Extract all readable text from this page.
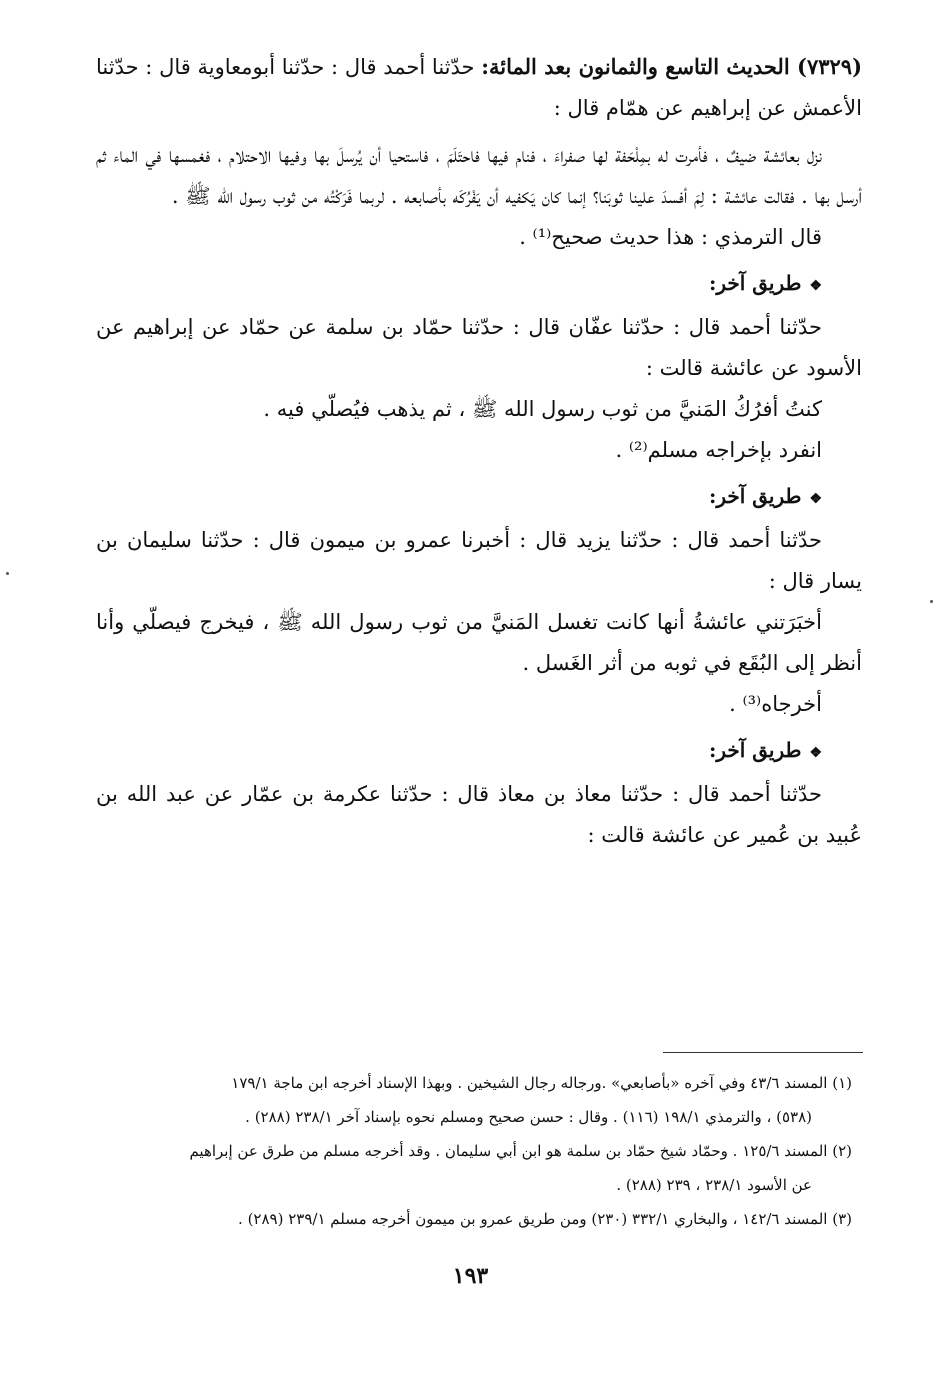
(٧٣٢٩) الحديث التاسع والثمانون بعد المائة: حدّثنا أحمد قال : حدّثنا أبومعاوية قال : حدّثنا الأعمش عن إبراهيم عن همّام قال :

نزل بعائشة ضيفٌ ، فأمرت له بمِلْحَفة لها صفراءَ ، فنام فيها فاحتَلَمَ ، فاستحيا أن يُرسلَ بها وفيها الاحتلام ، فغمسها في الماء ثم أرسل بها . فقالت عائشة : لِمَ أفسدَ علينا ثوبَنا؟ إنما كان يَكفيه أن يَفْرُكَه بأصابعه . لربما فَرَكْتُه من ثوب رسول الله ﷺ .

قال الترمذي : هذا حديث صحيح⁽¹⁾ .

❖طريق آخر:

حدّثنا أحمد قال : حدّثنا عفّان قال : حدّثنا حمّاد بن سلمة عن حمّاد عن إبراهيم عن الأسود عن عائشة قالت :

كنتُ أفرُكُ المَنيَّ من ثوب رسول الله ﷺ ، ثم يذهب فيُصلّي فيه .

انفرد بإخراجه مسلم⁽²⁾ .

❖طريق آخر:

حدّثنا أحمد قال : حدّثنا يزيد قال : أخبرنا عمرو بن ميمون قال : حدّثنا سليمان بن يسار قال :

أخبَرَتني عائشةُ أنها كانت تغسل المَنيَّ من ثوب رسول الله ﷺ ، فيخرج فيصلّي وأنا أنظر إلى البُقَع في ثوبه من أثر الغَسل .

أخرجاه⁽³⁾ .

❖طريق آخر:

حدّثنا أحمد قال : حدّثنا معاذ بن معاذ قال : حدّثنا عكرمة بن عمّار عن عبد الله بن عُبيد بن عُمير عن عائشة قالت :

(١) المسند ٤٣/٦ وفي آخره «بأصابعي» .ورجاله رجال الشيخين . وبهذا الإسناد أخرجه ابن ماجة ١٧٩/١

(٥٣٨) ، والترمذي ١٩٨/١ (١١٦) . وقال : حسن صحيح ومسلم نحوه بإسناد آخر ٢٣٨/١ (٢٨٨) .

(٢) المسند ١٢٥/٦ . وحمّاد شيخ حمّاد بن سلمة هو ابن أبي سليمان . وقد أخرجه مسلم من طرق عن إبراهيم

عن الأسود ٢٣٨/١ ، ٢٣٩ (٢٨٨) .

(٣) المسند ١٤٢/٦ ، والبخاري ٣٣٢/١ (٢٣٠) ومن طريق عمرو بن ميمون أخرجه مسلم ٢٣٩/١ (٢٨٩) .

١٩٣
